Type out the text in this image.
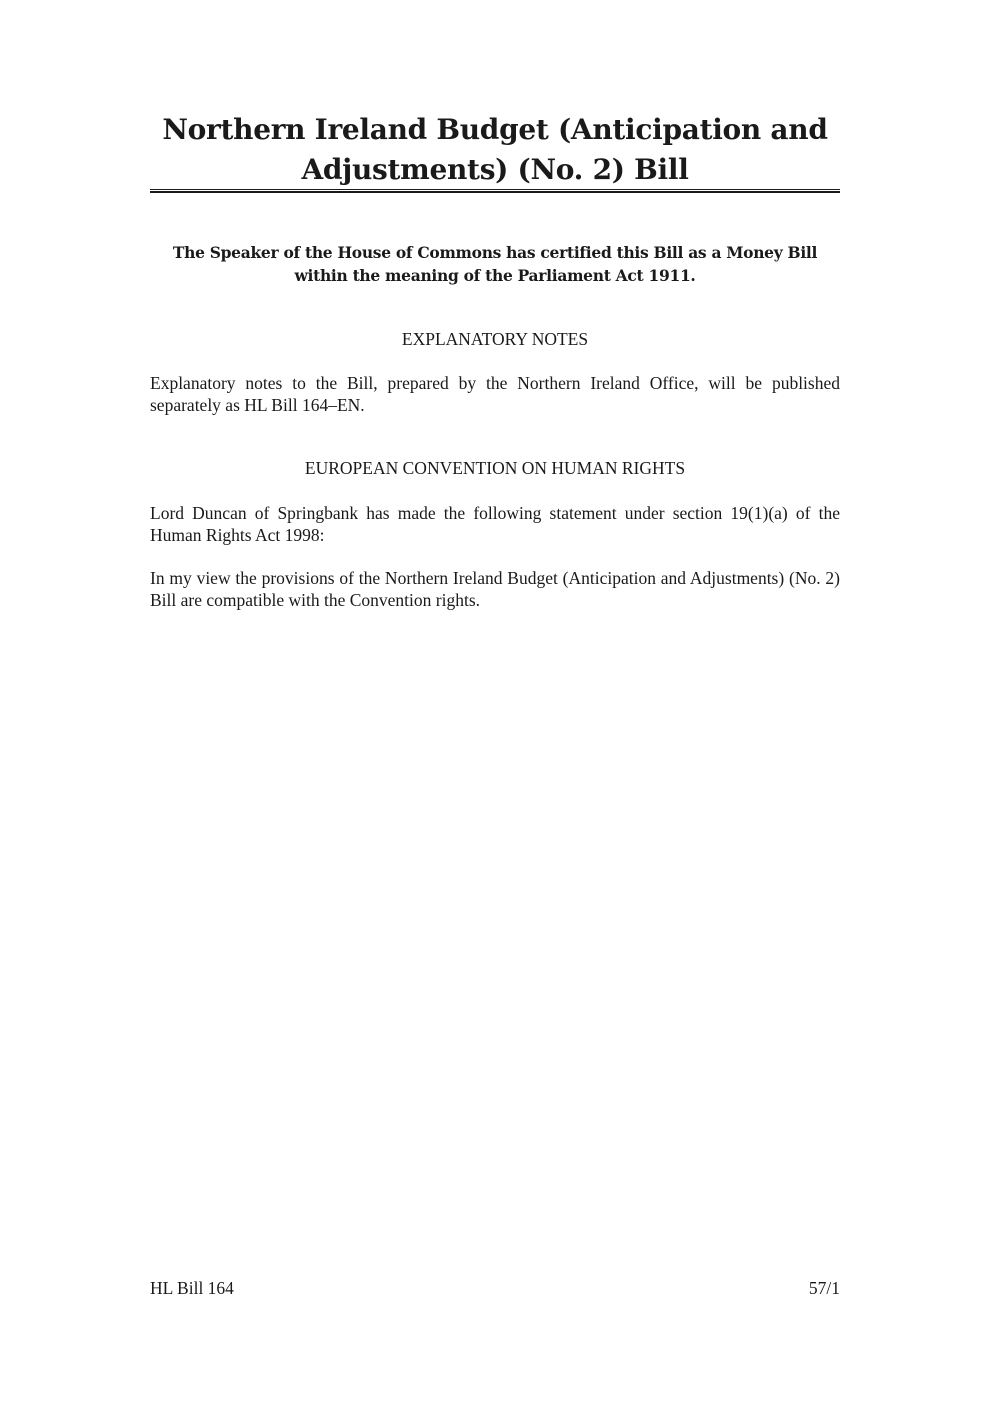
Northern Ireland Budget (Anticipation and
Adjustments) (No. 2) Bill

The Speaker of the House of Commons has certified this Bill as a Money Bill
within the meaning of the Parliament Act 1911.

EXPLANATORY NOTES

Explanatory notes to the Bill, prepared by the Northern Ireland Office, will be published separately as HL Bill 164–EN.

EUROPEAN CONVENTION ON HUMAN RIGHTS

Lord Duncan of Springbank has made the following statement under section 19(1)(a) of the Human Rights Act 1998:

In my view the provisions of the Northern Ireland Budget (Anticipation and Adjustments) (No. 2) Bill are compatible with the Convention rights.

HL Bill 164	57/1
